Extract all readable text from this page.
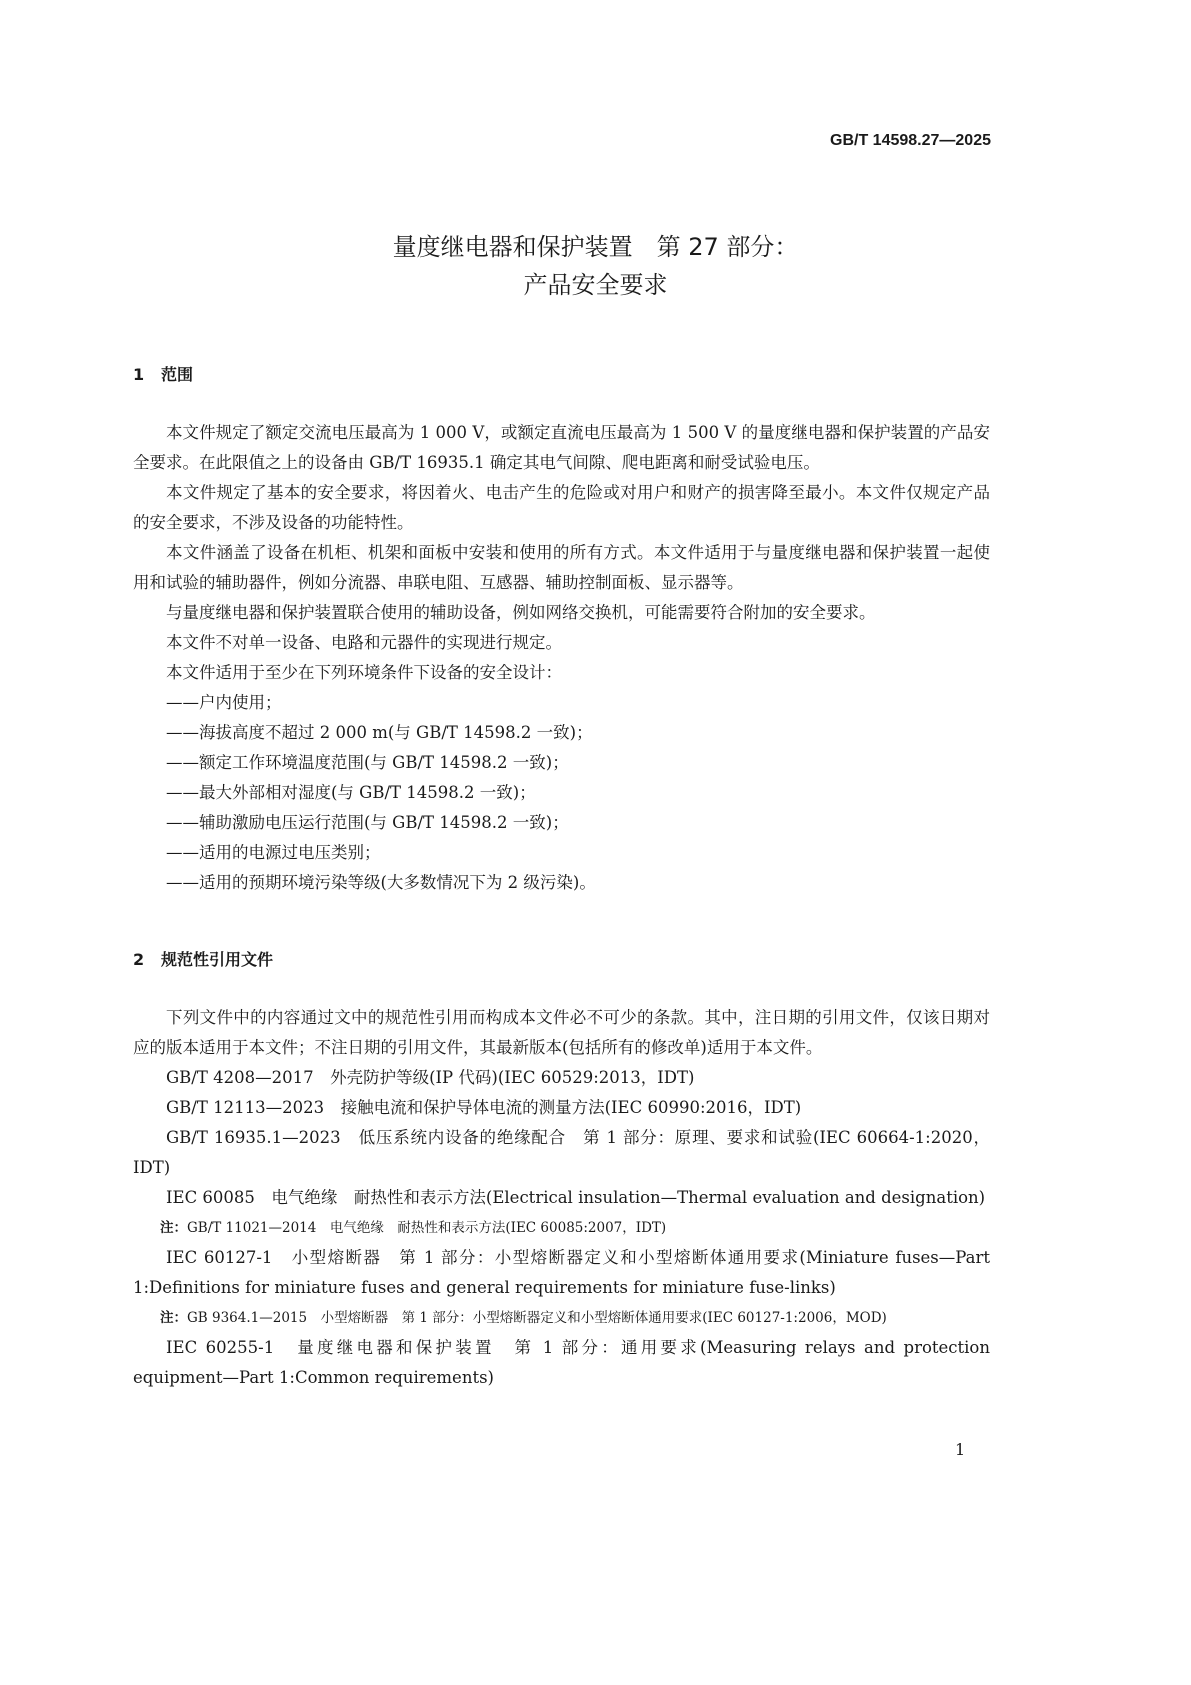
GB/T 14598.27—2025
量度继电器和保护装置　第 27 部分：
产品安全要求
1 范围

本文件规定了额定交流电压最高为 1 000 V，或额定直流电压最高为 1 500 V 的量度继电器和保护装置的产品安全要求。在此限值之上的设备由 GB/T 16935.1 确定其电气间隙、爬电距离和耐受试验电压。

本文件规定了基本的安全要求，将因着火、电击产生的危险或对用户和财产的损害降至最小。本文件仅规定产品的安全要求，不涉及设备的功能特性。

本文件涵盖了设备在机柜、机架和面板中安装和使用的所有方式。本文件适用于与量度继电器和保护装置一起使用和试验的辅助器件，例如分流器、串联电阻、互感器、辅助控制面板、显示器等。

与量度继电器和保护装置联合使用的辅助设备，例如网络交换机，可能需要符合附加的安全要求。

本文件不对单一设备、电路和元器件的实现进行规定。

本文件适用于至少在下列环境条件下设备的安全设计：

——户内使用；

——海拔高度不超过 2 000 m(与 GB/T 14598.2 一致)；

——额定工作环境温度范围(与 GB/T 14598.2 一致)；

——最大外部相对湿度(与 GB/T 14598.2 一致)；

——辅助激励电压运行范围(与 GB/T 14598.2 一致)；

——适用的电源过电压类别；

——适用的预期环境污染等级(大多数情况下为 2 级污染)。

2 规范性引用文件

下列文件中的内容通过文中的规范性引用而构成本文件必不可少的条款。其中，注日期的引用文件，仅该日期对应的版本适用于本文件；不注日期的引用文件，其最新版本(包括所有的修改单)适用于本文件。

GB/T 4208—2017　外壳防护等级(IP 代码)(IEC 60529:2013，IDT)

GB/T 12113—2023　接触电流和保护导体电流的测量方法(IEC 60990:2016，IDT)

GB/T 16935.1—2023　低压系统内设备的绝缘配合　第 1 部分：原理、要求和试验(IEC 60664-1:2020，IDT)

IEC 60085　电气绝缘　耐热性和表示方法(Electrical insulation—Thermal evaluation and designation)

注：GB/T 11021—2014　电气绝缘　耐热性和表示方法(IEC 60085:2007，IDT)

IEC 60127-1　小型熔断器　第 1 部分：小型熔断器定义和小型熔断体通用要求(Miniature fuses—Part 1:Definitions for miniature fuses and general requirements for miniature fuse-links)

注：GB 9364.1—2015　小型熔断器　第 1 部分：小型熔断器定义和小型熔断体通用要求(IEC 60127-1:2006，MOD)

IEC 60255-1　量度继电器和保护装置　第 1 部分：通用要求(Measuring relays and protection equipment—Part 1:Common requirements)

1
